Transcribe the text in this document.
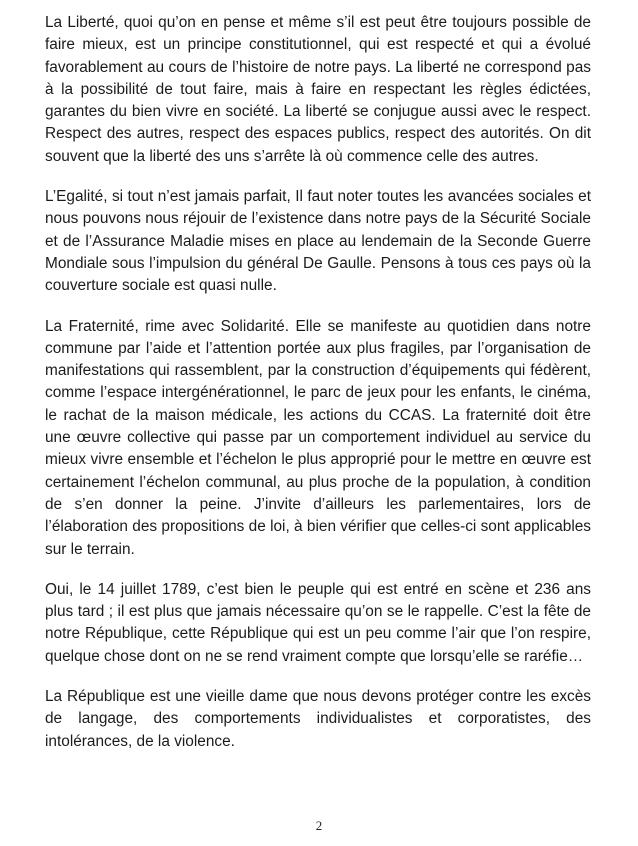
La Liberté, quoi qu’on en pense et même s’il est peut être toujours possible de faire mieux, est un principe constitutionnel, qui est respecté et qui a évolué favorablement au cours de l’histoire de notre pays. La liberté ne correspond pas à la possibilité de tout faire, mais à faire en respectant les règles édictées, garantes du bien vivre en société. La liberté se conjugue aussi avec le respect. Respect des autres, respect des espaces publics, respect des autorités. On dit souvent que la liberté des uns s’arrête là où commence celle des autres.

L’Egalité, si tout n’est jamais parfait, Il faut noter toutes les avancées sociales et nous pouvons nous réjouir de l’existence dans notre pays de la Sécurité Sociale et de l’Assurance Maladie mises en place au lendemain de la Seconde Guerre Mondiale sous l’impulsion du général De Gaulle. Pensons à tous ces pays où la couverture sociale est quasi nulle.

La Fraternité, rime avec Solidarité. Elle se manifeste au quotidien dans notre commune par l’aide et l’attention portée aux plus fragiles, par l’organisation de manifestations qui rassemblent, par la construction d’équipements qui fédèrent, comme l’espace intergénérationnel, le parc de jeux pour les enfants, le cinéma, le rachat de la maison médicale, les actions du CCAS. La fraternité doit être une œuvre collective qui passe par un comportement individuel au service du mieux vivre ensemble et l’échelon le plus approprié pour le mettre en œuvre est certainement l’échelon communal, au plus proche de la population, à condition de s’en donner la peine. J’invite d’ailleurs les parlementaires, lors de l’élaboration des propositions de loi, à bien vérifier que celles-ci sont applicables sur le terrain.

Oui, le 14 juillet 1789, c’est bien le peuple qui est entré en scène et 236 ans plus tard ; il est plus que jamais nécessaire qu’on se le rappelle. C’est la fête de notre République, cette République qui est un peu comme l’air que l’on respire, quelque chose dont on ne se rend vraiment compte que lorsqu’elle se raréfie…

La République est une vieille dame que nous devons protéger contre les excès de langage, des comportements individualistes et corporatistes, des intolérances, de la violence.

2
